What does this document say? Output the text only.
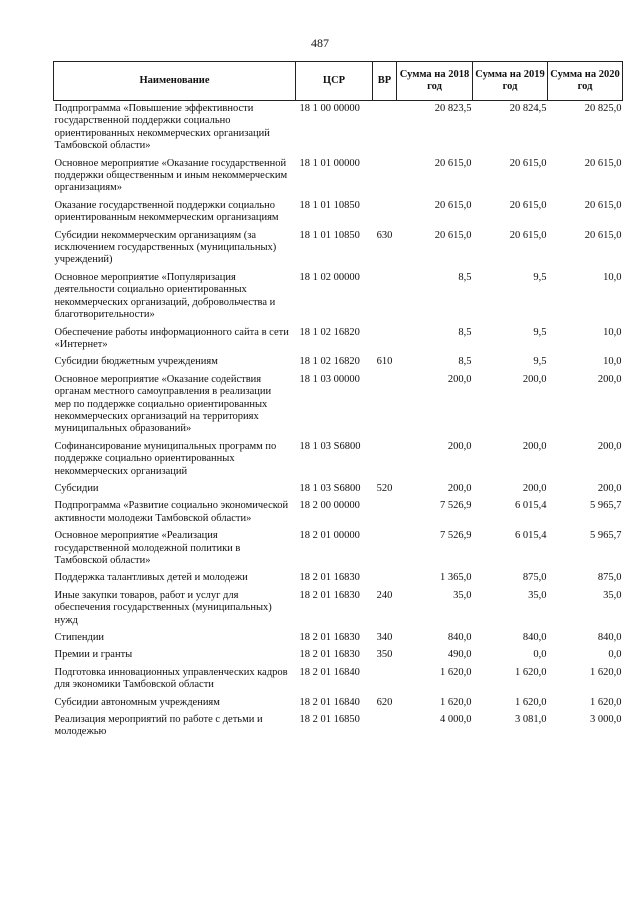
487
Наименование	ЦСР	ВР	Сумма на 2018 год	Сумма на 2019 год	Сумма на 2020 год
Подпрограмма «Повышение эффективности государственной поддержки социально ориентированных некоммерческих организаций Тамбовской области»	18 1 00 00000		20 823,5	20 824,5	20 825,0
Основное мероприятие «Оказание государственной поддержки общественным и иным некоммерческим организациям»	18 1 01 00000		20 615,0	20 615,0	20 615,0
Оказание государственной поддержки социально ориентированным некоммерческим организациям	18 1 01 10850		20 615,0	20 615,0	20 615,0
Субсидии некоммерческим организациям (за исключением государственных (муниципальных) учреждений)	18 1 01 10850	630	20 615,0	20 615,0	20 615,0
Основное мероприятие «Популяризация деятельности социально ориентированных некоммерческих организаций, добровольчества и благотворительности»	18 1 02 00000		8,5	9,5	10,0
Обеспечение работы информационного сайта в сети «Интернет»	18 1 02 16820		8,5	9,5	10,0
Субсидии бюджетным учреждениям	18 1 02 16820	610	8,5	9,5	10,0
Основное мероприятие «Оказание содействия органам местного самоуправления в реализации мер по поддержке социально ориентированных некоммерческих организаций на территориях муниципальных образований»	18 1 03 00000		200,0	200,0	200,0
Софинансирование муниципальных программ по поддержке социально ориентированных некоммерческих организаций	18 1 03 S6800		200,0	200,0	200,0
Субсидии	18 1 03 S6800	520	200,0	200,0	200,0
Подпрограмма «Развитие социально экономической активности молодежи Тамбовской области»	18 2 00 00000		7 526,9	6 015,4	5 965,7
Основное мероприятие «Реализация государственной молодежной политики в Тамбовской области»	18 2 01 00000		7 526,9	6 015,4	5 965,7
Поддержка талантливых детей и молодежи	18 2 01 16830		1 365,0	875,0	875,0
Иные закупки товаров, работ и услуг для обеспечения государственных (муниципальных) нужд	18 2 01 16830	240	35,0	35,0	35,0
Стипендии	18 2 01 16830	340	840,0	840,0	840,0
Премии и гранты	18 2 01 16830	350	490,0	0,0	0,0
Подготовка инновационных управленческих кадров для экономики Тамбовской области	18 2 01 16840		1 620,0	1 620,0	1 620,0
Субсидии автономным учреждениям	18 2 01 16840	620	1 620,0	1 620,0	1 620,0
Реализация мероприятий по работе с детьми и молодежью	18 2 01 16850		4 000,0	3 081,0	3 000,0
